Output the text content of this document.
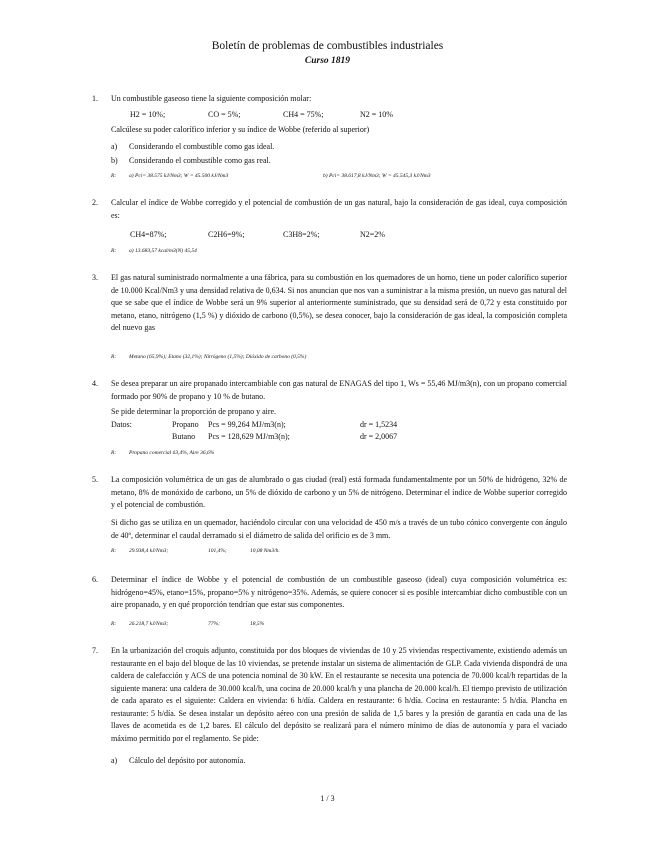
Boletín de problemas de combustibles industriales
Curso 1819
1. Un combustible gaseoso tiene la siguiente composición molar:
H2 = 10%;	CO = 5%;	CH4 = 75%;	N2 = 10%
Calcúlese su poder calorífico inferior y su índice de Wobbe (referido al superior)
a) Considerando el combustible como gas ideal.
b) Considerando el combustible como gas real.
R: a) Pci= 38.575 kJ/Nm3; W = 45.500 kJ/Nm3	b) Pci= 38.617,8 kJ/Nm3; W = 45.545,3 kJ/Nm3
2. Calcular el índice de Wobbe corregido y el potencial de combustión de un gas natural, bajo la consideración de gas ideal, cuya composición es:
CH4=87%;	C2H6=9%;	C3H8=2%;	N2=2%
R: a) 13.683,57 kcal/m3(N) 45,54
3. El gas natural suministrado normalmente a una fábrica, para su combustión en los quemadores de un horno, tiene un poder calorífico superior de 10.000 Kcal/Nm3 y una densidad relativa de 0,634. Si nos anuncian que nos van a suministrar a la misma presión, un nuevo gas natural del que se sabe que el índice de Wobbe será un 9% superior al anteriormente suministrado, que su densidad será de 0,72 y esta constituido por metano, etano, nitrógeno (1,5 %) y dióxido de carbono (0,5%), se desea conocer, bajo la consideración de gas ideal, la composición completa del nuevo gas
R: Metano (65,9%); Etano (32,1%); Nitrógeno (1,5%); Dióxido de carbono (0,5%)
4. Se desea preparar un aire propanado intercambiable con gas natural de ENAGAS del tipo 1, Ws = 55,46 MJ/m3(n), con un propano comercial formado por 90% de propano y 10 % de butano.
Se pide determinar la proporción de propano y aire.
Datos:	Propano Pcs = 99,264 MJ/m3(n);	dr = 1,5234
Butano Pcs = 128,629 MJ/m3(n);	dr = 2,0067
R: Propano comercial 63,4%, Aire 36,6%
5. La composición volumétrica de un gas de alumbrado o gas ciudad (real) está formada fundamentalmente por un 50% de hidrógeno, 32% de metano, 8% de monóxido de carbono, un 5% de dióxido de carbono y un 5% de nitrógeno. Determinar el índice de Wobbe superior corregido y el potencial de combustión.
Si dicho gas se utiliza en un quemador, haciéndolo circular con una velocidad de 450 m/s a través de un tubo cónico convergente con ángulo de 40º, determinar el caudal derramado si el diámetro de salida del orificio es de 3 mm.
R: 29.938,4 kJ/Nm3;	101,4%;	10,08 Nm3/h.
6. Determinar el índice de Wobbe y el potencial de combustión de un combustible gaseoso (ideal) cuya composición volumétrica es: hidrógeno=45%, etano=15%, propano=5% y nitrógeno=35%. Además, se quiere conocer si es posible intercambiar dicho combustible con un aire propanado, y en qué proporción tendrían que estar sus componentes.
R: 26.218,7 kJ/Nm3;	77%;	18,5%
7. En la urbanización del croquis adjunto, constituida por dos bloques de viviendas de 10 y 25 viviendas respectivamente, existiendo además un restaurante en el bajo del bloque de las 10 viviendas, se pretende instalar un sistema de alimentación de GLP. Cada vivienda dispondrá de una caldera de calefacción y ACS de una potencia nominal de 30 kW. En el restaurante se necesita una potencia de 70.000 kcal/h repartidas de la siguiente manera: una caldera de 30.000 kcal/h, una cocina de 20.000 kcal/h y una plancha de 20.000 kcal/h. El tiempo previsto de utilización de cada aparato es el siguiente: Caldera en vivienda: 6 h/día. Caldera en restaurante: 6 h/día. Cocina en restaurante: 5 h/día. Plancha en restaurante: 5 h/día. Se desea instalar un depósito aéreo con una presión de salida de 1,5 bares y la presión de garantía en cada una de las llaves de acometida es de 1,2 bares. El cálculo del depósito se realizará para el número mínimo de días de autonomía y para el vaciado máximo permitido por el reglamento. Se pide:
a) Cálculo del depósito por autonomía.
1 / 3
